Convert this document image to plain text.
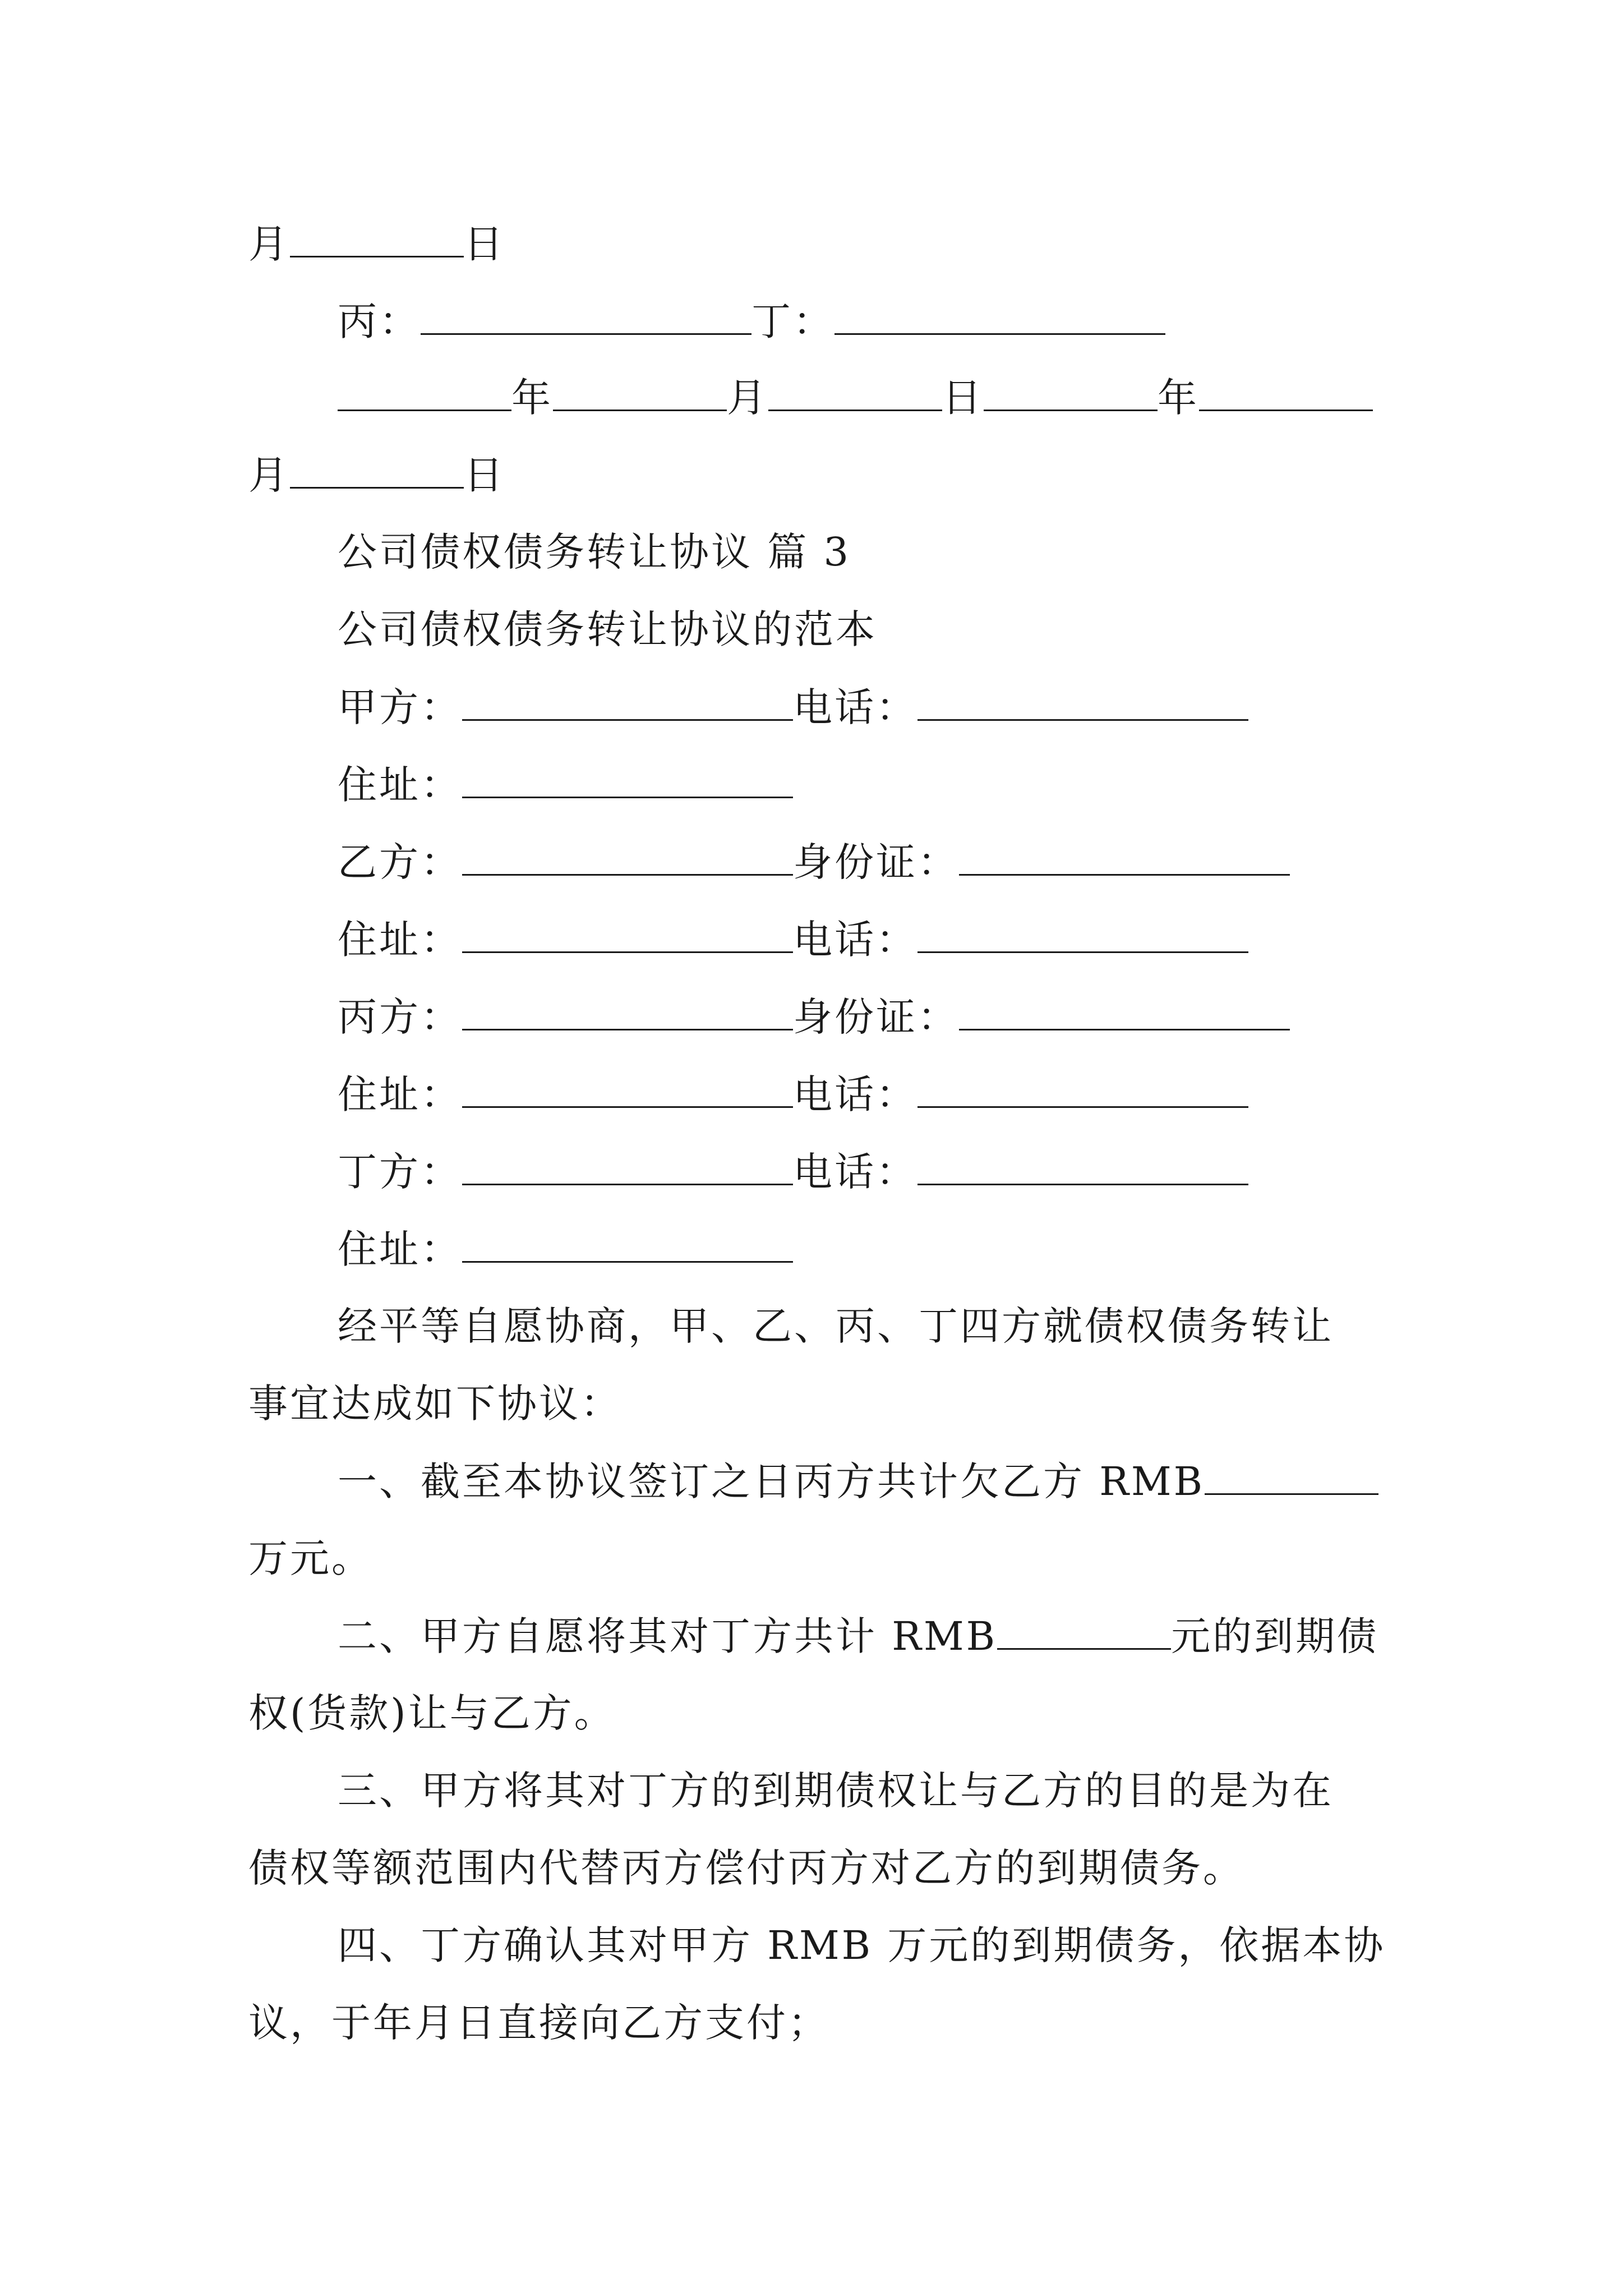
月	日
丙：	丁：
年	月	日	年
月	日
公司债权债务转让协议 篇 3
公司债权债务转让协议的范本
甲方：	电话：
住址：
乙方：	身份证：
住址：	电话：
丙方：	身份证：
住址：	电话：
丁方：	电话：
住址：
经平等自愿协商，甲、乙、丙、丁四方就债权债务转让
事宜达成如下协议：
一、截至本协议签订之日丙方共计欠乙方 RMB
万元。
二、甲方自愿将其对丁方共计 RMB	元的到期债
权(货款)让与乙方。
三、甲方将其对丁方的到期债权让与乙方的目的是为在
债权等额范围内代替丙方偿付丙方对乙方的到期债务。
四、丁方确认其对甲方 RMB 万元的到期债务，依据本协
议，于年月日直接向乙方支付；
